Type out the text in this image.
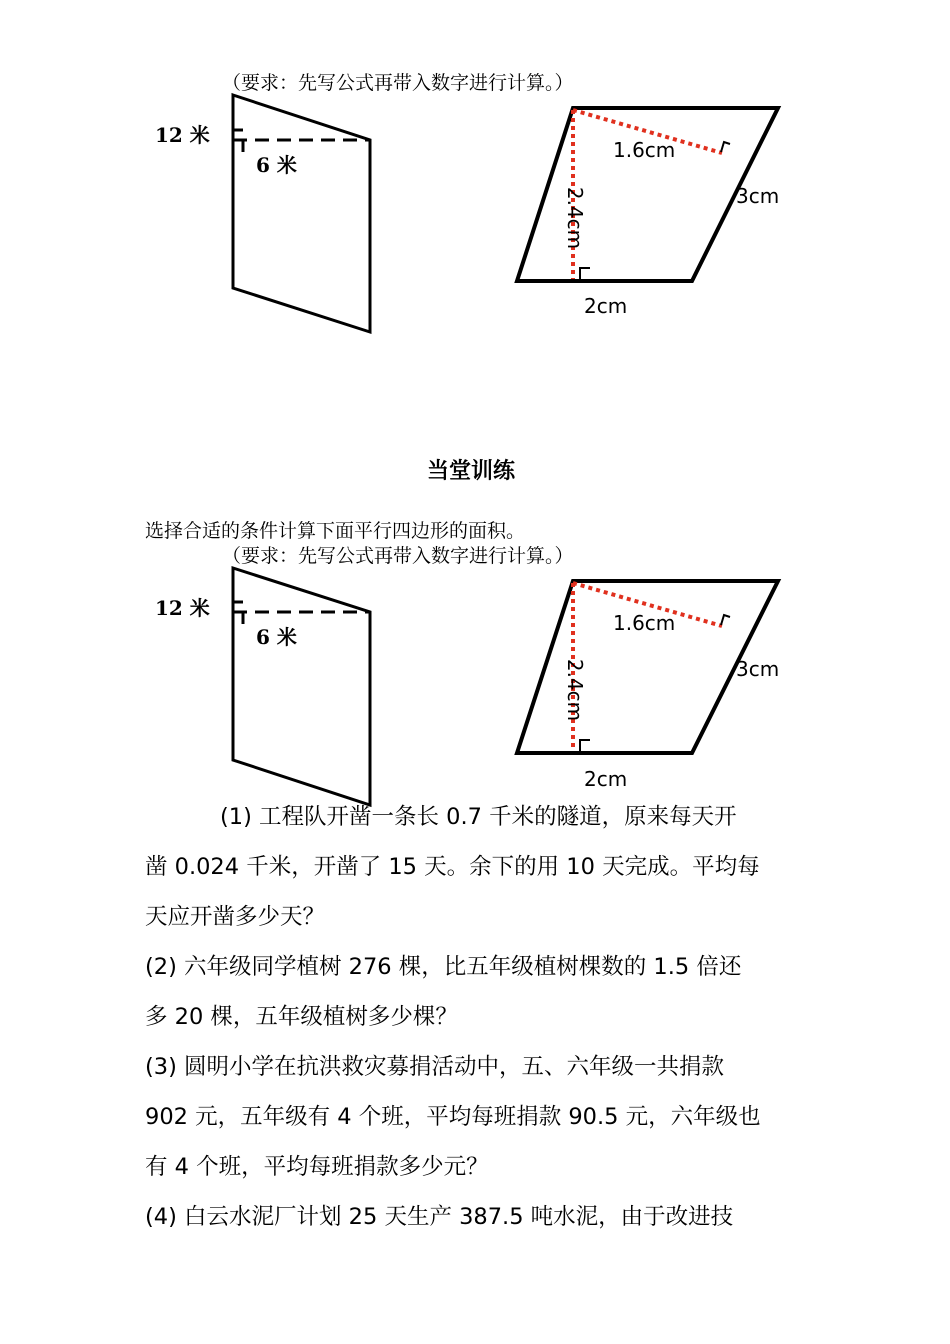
（要求：先写公式再带入数字进行计算。）
12 米
6 米
1.6cm
3cm
2.4cm
2cm
当堂训练
选择合适的条件计算下面平行四边形的面积。
（要求：先写公式再带入数字进行计算。）
12 米
6 米
1.6cm
3cm
2.4cm
2cm

(1) 工程队开凿一条长 0.7 千米的隧道，原来每天开

凿 0.024 千米，开凿了 15 天。余下的用 10 天完成。平均每

天应开凿多少天？

(2) 六年级同学植树 276 棵，比五年级植树棵数的 1.5 倍还

多 20 棵，五年级植树多少棵？

(3) 圆明小学在抗洪救灾募捐活动中，五、六年级一共捐款

902 元，五年级有 4 个班，平均每班捐款 90.5 元，六年级也

有 4 个班，平均每班捐款多少元？

(4) 白云水泥厂计划 25 天生产 387.5 吨水泥，由于改进技
